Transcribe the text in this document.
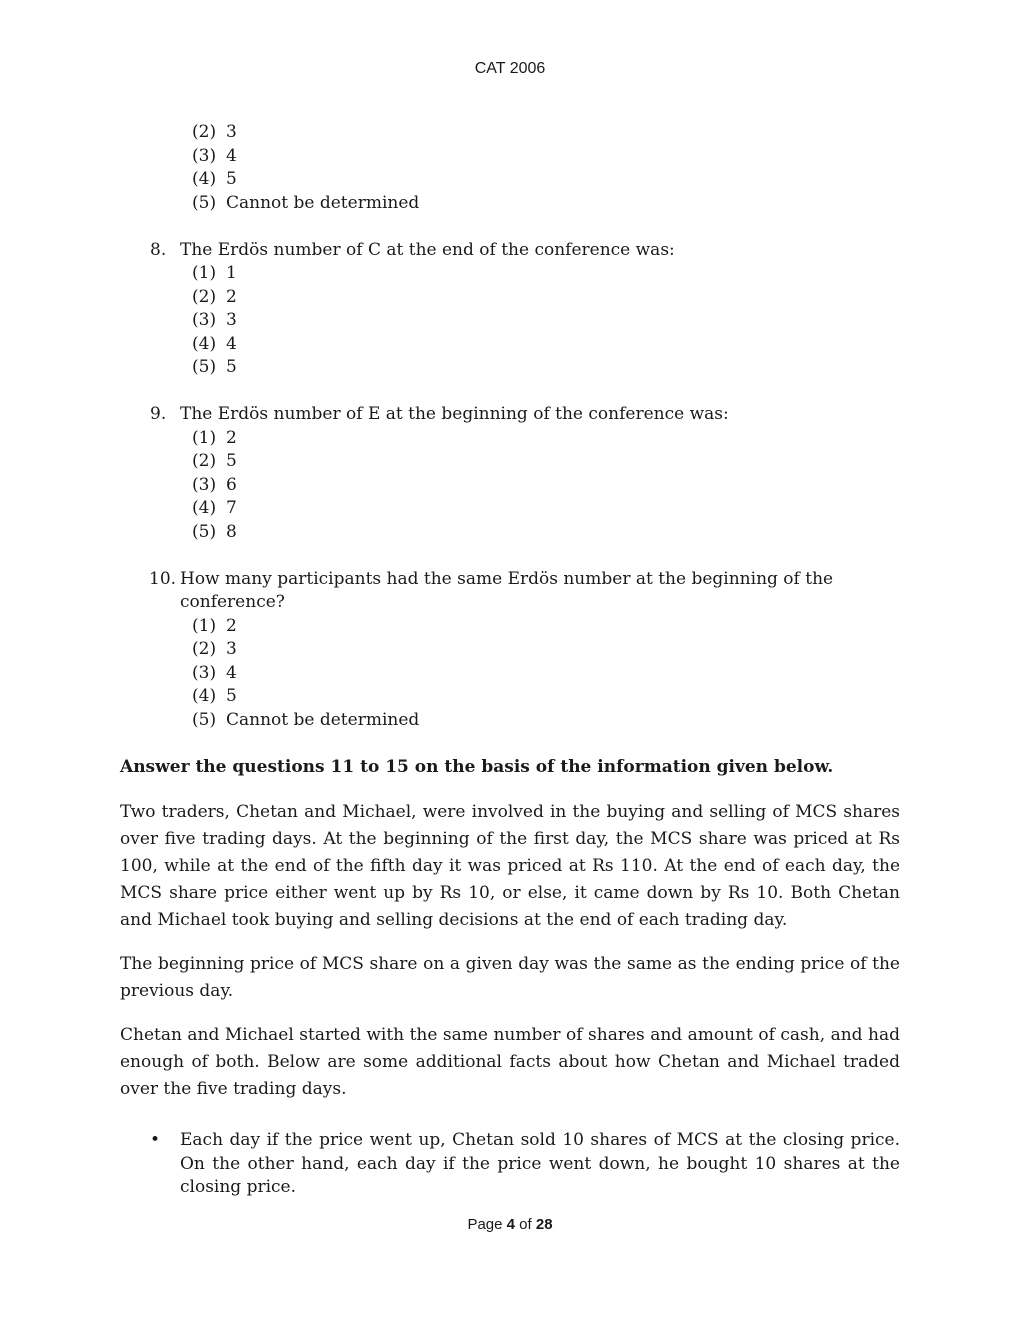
CAT 2006
(2) 3
(3) 4
(4) 5
(5) Cannot be determined
8. The Erdös number of C at the end of the conference was:
(1) 1
(2) 2
(3) 3
(4) 4
(5) 5
9. The Erdös number of E at the beginning of the conference was:
(1) 2
(2) 5
(3) 6
(4) 7
(5) 8
10. How many participants had the same Erdös number at the beginning of the conference?
(1) 2
(2) 3
(3) 4
(4) 5
(5) Cannot be determined
Answer the questions 11 to 15 on the basis of the information given below.

Two traders, Chetan and Michael, were involved in the buying and selling of MCS shares over five trading days. At the beginning of the first day, the MCS share was priced at Rs 100, while at the end of the fifth day it was priced at Rs 110. At the end of each day, the MCS share price either went up by Rs 10, or else, it came down by Rs 10. Both Chetan and Michael took buying and selling decisions at the end of each trading day.

The beginning price of MCS share on a given day was the same as the ending price of the previous day.

Chetan and Michael started with the same number of shares and amount of cash, and had enough of both. Below are some additional facts about how Chetan and Michael traded over the five trading days.

• Each day if the price went up, Chetan sold 10 shares of MCS at the closing price. On the other hand, each day if the price went down, he bought 10 shares at the closing price.
Page 4 of 28
